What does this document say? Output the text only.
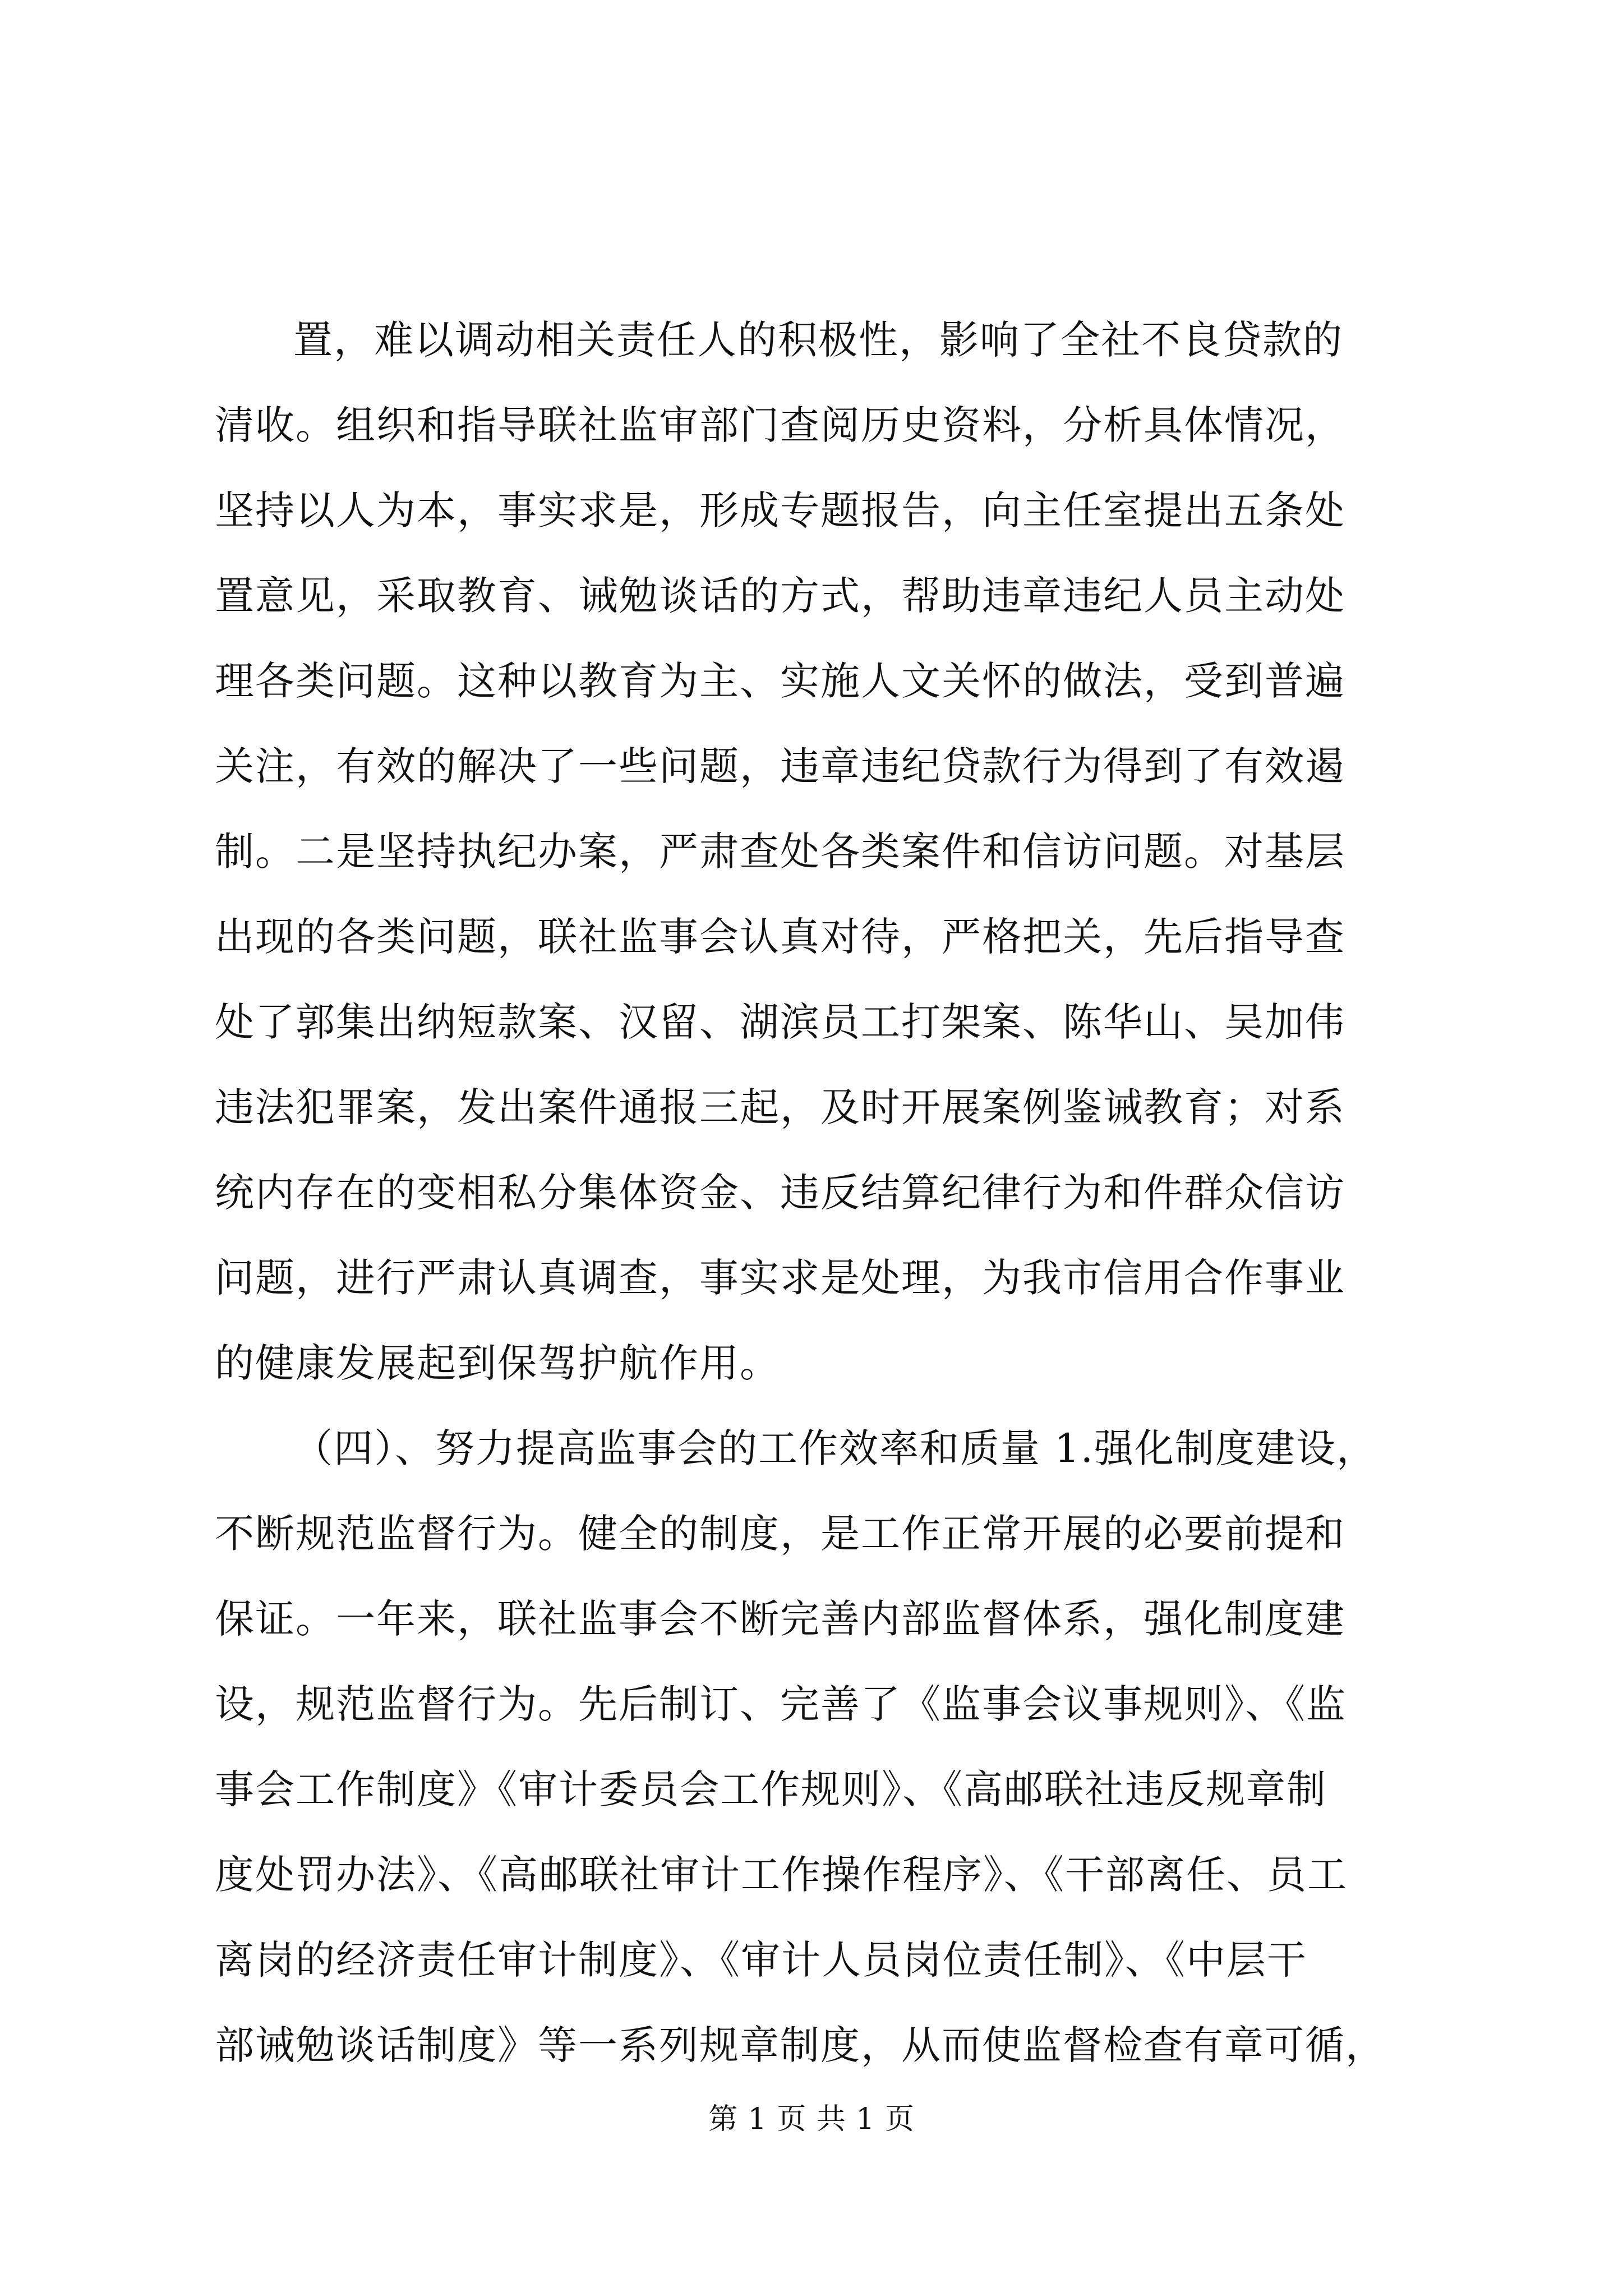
置，难以调动相关责任人的积极性，影响了全社不良贷款的
清收。组织和指导联社监审部门查阅历史资料，分析具体情况，
坚持以人为本，事实求是，形成专题报告，向主任室提出五条处
置意见，采取教育、诫勉谈话的方式，帮助违章违纪人员主动处
理各类问题。这种以教育为主、实施人文关怀的做法，受到普遍
关注，有效的解决了一些问题，违章违纪贷款行为得到了有效遏
制。二是坚持执纪办案，严肃查处各类案件和信访问题。对基层
出现的各类问题，联社监事会认真对待，严格把关，先后指导查
处了郭集出纳短款案、汉留、湖滨员工打架案、陈华山、吴加伟
违法犯罪案，发出案件通报三起，及时开展案例鉴诫教育；对系
统内存在的变相私分集体资金、违反结算纪律行为和件群众信访
问题，进行严肃认真调查，事实求是处理，为我市信用合作事业
的健康发展起到保驾护航作用。
（四）、努力提高监事会的工作效率和质量 1.强化制度建设，
不断规范监督行为。健全的制度，是工作正常开展的必要前提和
保证。一年来，联社监事会不断完善内部监督体系，强化制度建
设，规范监督行为。先后制订、完善了《监事会议事规则》、《监
事会工作制度》《审计委员会工作规则》、《高邮联社违反规章制
度处罚办法》、《高邮联社审计工作操作程序》、《干部离任、员工
离岗的经济责任审计制度》、《审计人员岗位责任制》、《中层干
部诫勉谈话制度》等一系列规章制度，从而使监督检查有章可循，
第 1 页 共 1 页
